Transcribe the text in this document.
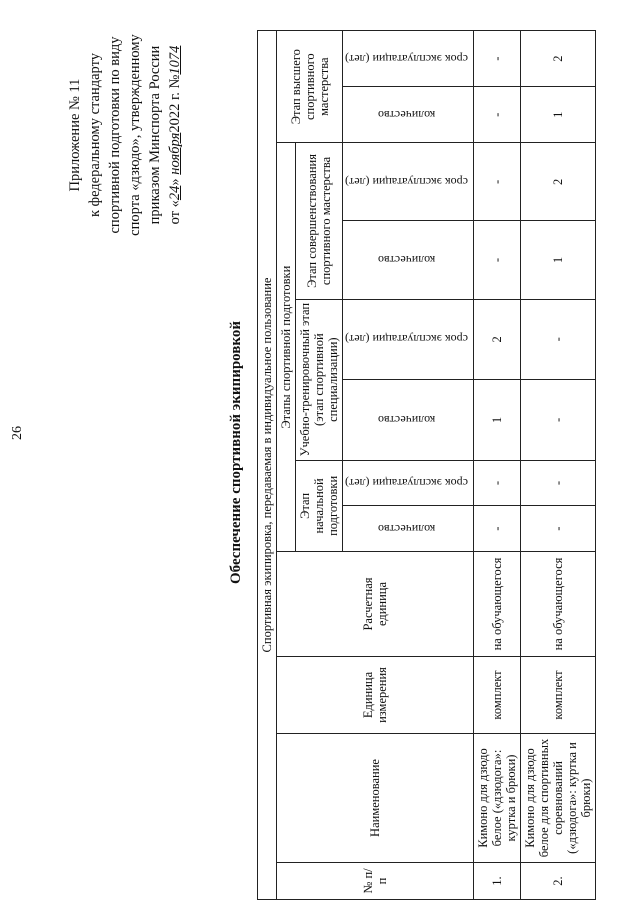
26
Приложение № 11 к федеральному стандарту спортивной подготовки по виду спорта «дзюдо», утвержденному приказом Минспорта России от «24» ноября2022 г. №1074
Обеспечение спортивной экипировкой Спортивная экипировка, передаваемая в индивидуальное пользование											
№ п/п	Наименование	Единица измерения	Расчетная единица	Этапы спортивной подготовки						Этап высшего спортивного мастерства	
				Этап начальной подготовки		Учебно-тренировочный этап (этап спортивной специализации)		Этап совершенствования спортивного мастерства			
				количество	срок эксплуатации (лет)	количество	срок эксплуатации (лет)	количество	срок эксплуатации (лет)	количество	срок эксплуатации (лет)
1.	Кимоно для дзюдо белое («дзюдога»: куртка и брюки)	комплект	на обучающегося	-	-	1	2	-	-	-	-
2.	Кимоно для дзюдо белое для спортивных соревнований («дзюдога»: куртка и брюки)	комплект	на обучающегося	-	-	-	-	1	2	1	2
